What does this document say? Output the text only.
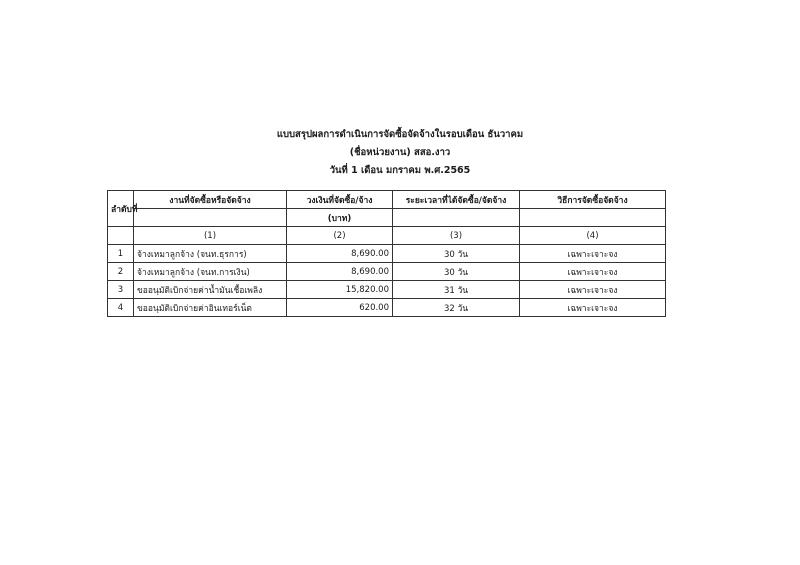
แบบสรุปผลการดำเนินการจัดซื้อจัดจ้างในรอบเดือน ธันวาคม
(ชื่อหน่วยงาน) สสอ.งาว
วันที่ 1 เดือน มกราคม พ.ศ.2565
ลำดับที่	งานที่จัดซื้อหรือจัดจ้าง	วงเงินที่จัดซื้อ/จ้าง	ระยะเวลาที่ได้จัดซื้อ/จัดจ้าง	วิธีการจัดซื้อจัดจ้าง
		(บาท)		
	(1)	(2)	(3)	(4)
1	จ้างเหมาลูกจ้าง (จนท.ธุรการ)	8,690.00	30 วัน	เฉพาะเจาะจง
2	จ้างเหมาลูกจ้าง (จนท.การเงิน)	8,690.00	30 วัน	เฉพาะเจาะจง
3	ขออนุมัติเบิกจ่ายค่าน้ำมันเชื้อเพลิง	15,820.00	31 วัน	เฉพาะเจาะจง
4	ขออนุมัติเบิกจ่ายค่าอินเทอร์เน็ต	620.00	32 วัน	เฉพาะเจาะจง
